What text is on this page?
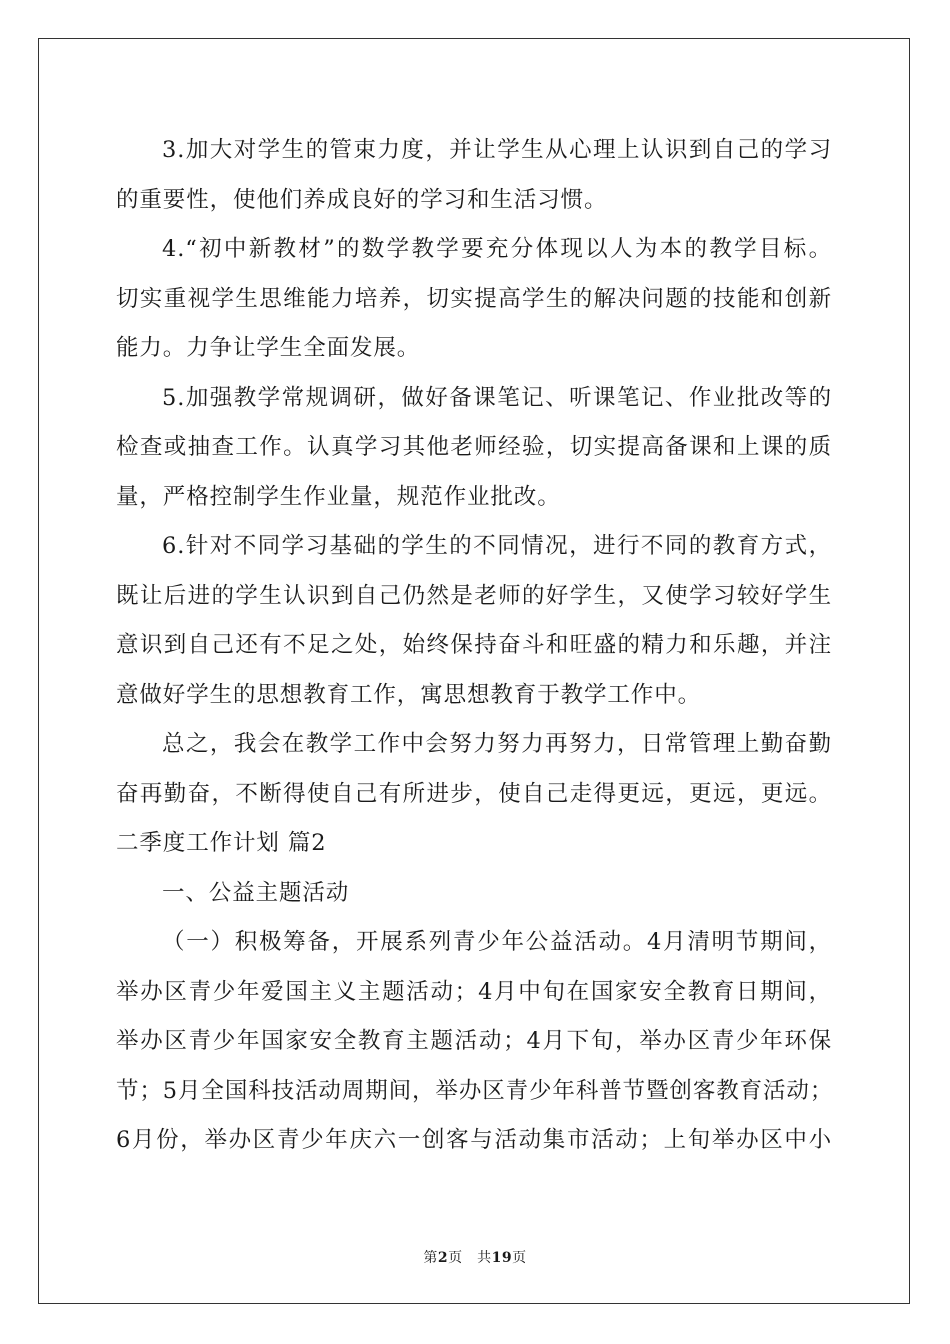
3.加大对学生的管束力度，并让学生从心理上认识到自己的学习
的重要性，使他们养成良好的学习和生活习惯。
4.“初中新教材”的数学教学要充分体现以人为本的教学目标。
切实重视学生思维能力培养，切实提高学生的解决问题的技能和创新
能力。力争让学生全面发展。
5.加强教学常规调研，做好备课笔记、听课笔记、作业批改等的
检查或抽查工作。认真学习其他老师经验，切实提高备课和上课的质
量，严格控制学生作业量，规范作业批改。
6.针对不同学习基础的学生的不同情况，进行不同的教育方式，
既让后进的学生认识到自己仍然是老师的好学生，又使学习较好学生
意识到自己还有不足之处，始终保持奋斗和旺盛的精力和乐趣，并注
意做好学生的思想教育工作，寓思想教育于教学工作中。
总之，我会在教学工作中会努力努力再努力，日常管理上勤奋勤
奋再勤奋，不断得使自己有所进步，使自己走得更远，更远，更远。
二季度工作计划 篇2
一、公益主题活动
（一）积极筹备，开展系列青少年公益活动。4月清明节期间，
举办区青少年爱国主义主题活动；4月中旬在国家安全教育日期间，
举办区青少年国家安全教育主题活动；4月下旬，举办区青少年环保
节；5月全国科技活动周期间，举办区青少年科普节暨创客教育活动；
6月份，举办区青少年庆六一创客与活动集市活动；上旬举办区中小
第2页　共19页
